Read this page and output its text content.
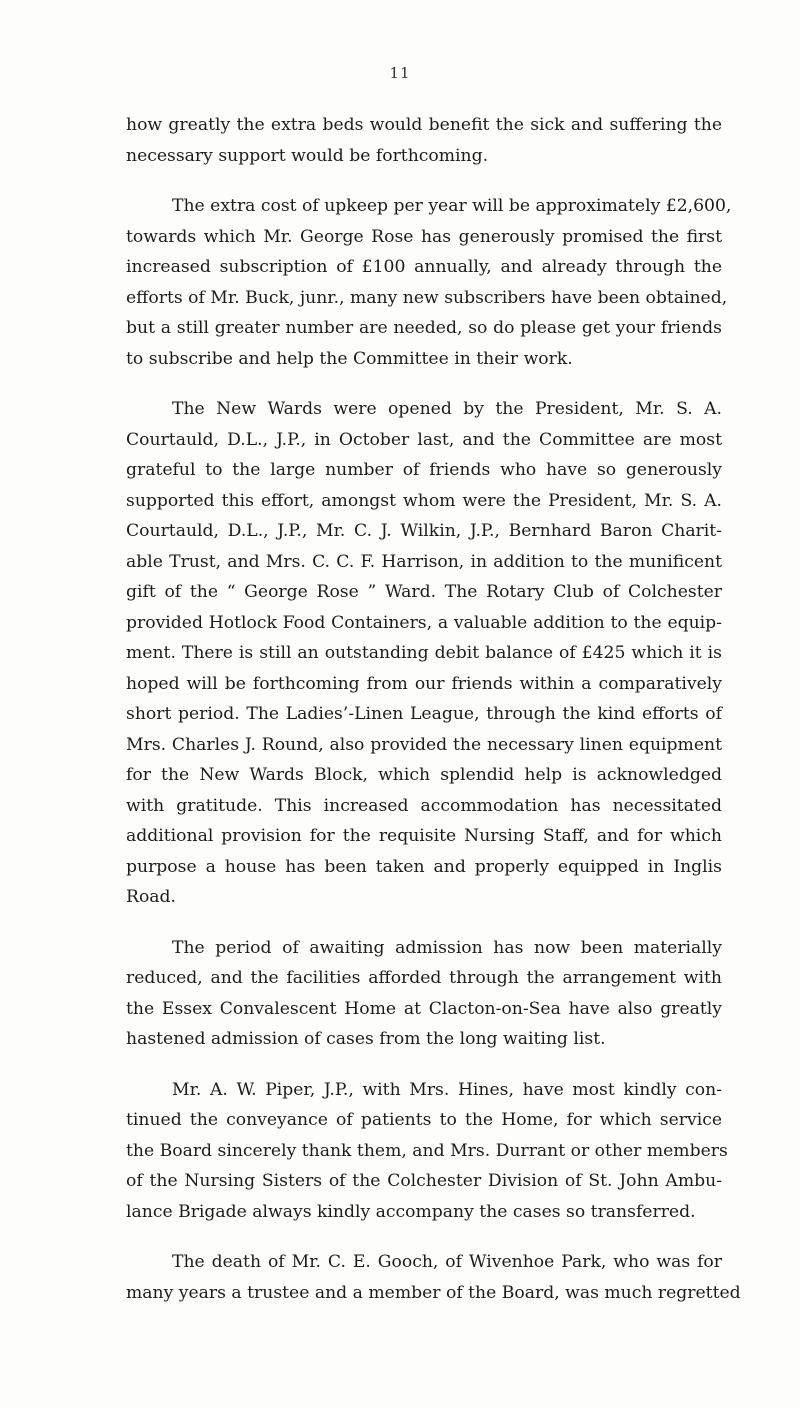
11

how greatly the extra beds would benefit the sick and suffering the
necessary support would be forthcoming.

The extra cost of upkeep per year will be approximately £2,600,
towards which Mr. George Rose has generously promised the first
increased subscription of £100 annually, and already through the
efforts of Mr. Buck, junr., many new subscribers have been obtained,
but a still greater number are needed, so do please get your friends
to subscribe and help the Committee in their work.

The New Wards were opened by the President, Mr. S. A.
Courtauld, D.L., J.P., in October last, and the Committee are most
grateful to the large number of friends who have so generously
supported this effort, amongst whom were the President, Mr. S. A.
Courtauld, D.L., J.P., Mr. C. J. Wilkin, J.P., Bernhard Baron Charit-
able Trust, and Mrs. C. C. F. Harrison, in addition to the munificent
gift of the “ George Rose ” Ward. The Rotary Club of Colchester
provided Hotlock Food Containers, a valuable addition to the equip-
ment. There is still an outstanding debit balance of £425 which it is
hoped will be forthcoming from our friends within a comparatively
short period. The Ladies’-Linen League, through the kind efforts of
Mrs. Charles J. Round, also provided the necessary linen equipment
for the New Wards Block, which splendid help is acknowledged
with gratitude. This increased accommodation has necessitated
additional provision for the requisite Nursing Staff, and for which
purpose a house has been taken and properly equipped in Inglis
Road.

The period of awaiting admission has now been materially
reduced, and the facilities afforded through the arrangement with
the Essex Convalescent Home at Clacton-on-Sea have also greatly
hastened admission of cases from the long waiting list.

Mr. A. W. Piper, J.P., with Mrs. Hines, have most kindly con-
tinued the conveyance of patients to the Home, for which service
the Board sincerely thank them, and Mrs. Durrant or other members
of the Nursing Sisters of the Colchester Division of St. John Ambu-
lance Brigade always kindly accompany the cases so transferred.

The death of Mr. C. E. Gooch, of Wivenhoe Park, who was for
many years a trustee and a member of the Board, was much regretted
